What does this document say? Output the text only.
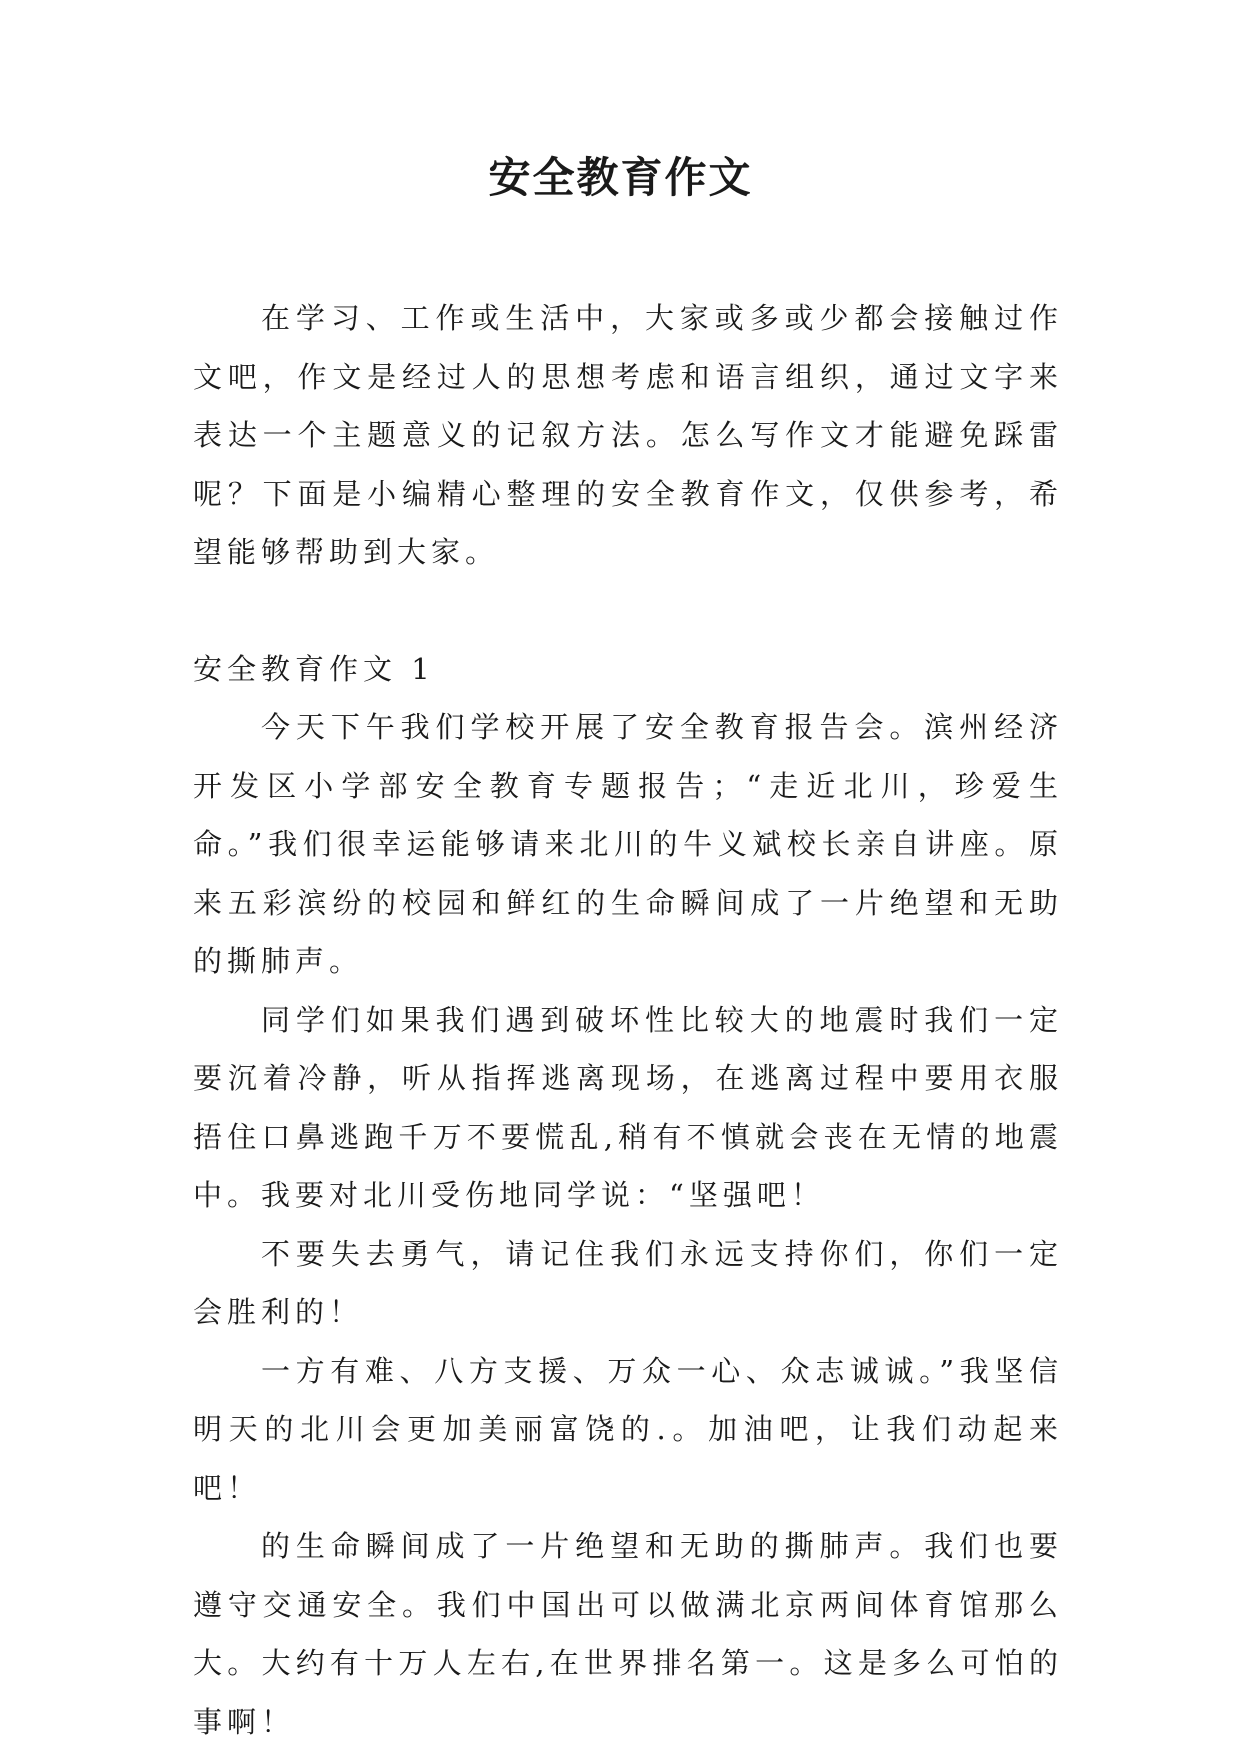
安全教育作文

在学习、工作或生活中，大家或多或少都会接触过作文吧，作文是经过人的思想考虑和语言组织，通过文字来表达一个主题意义的记叙方法。怎么写作文才能避免踩雷呢？下面是小编精心整理的安全教育作文，仅供参考，希望能够帮助到大家。

安全教育作文 1

今天下午我们学校开展了安全教育报告会。滨州经济开发区小学部安全教育专题报告；“走近北川，珍爱生命。”我们很幸运能够请来北川的牛义斌校长亲自讲座。原来五彩滨纷的校园和鲜红的生命瞬间成了一片绝望和无助的撕肺声。

同学们如果我们遇到破坏性比较大的地震时我们一定要沉着冷静，听从指挥逃离现场，在逃离过程中要用衣服捂住口鼻逃跑千万不要慌乱,稍有不慎就会丧在无情的地震中。我要对北川受伤地同学说：“坚强吧！

不要失去勇气，请记住我们永远支持你们，你们一定会胜利的！

一方有难、八方支援、万众一心、众志诚诚。”我坚信明天的北川会更加美丽富饶的.。加油吧，让我们动起来吧！

的生命瞬间成了一片绝望和无助的撕肺声。我们也要遵守交通安全。我们中国出可以做满北京两间体育馆那么大。大约有十万人左右,在世界排名第一。这是多么可怕的事啊！
